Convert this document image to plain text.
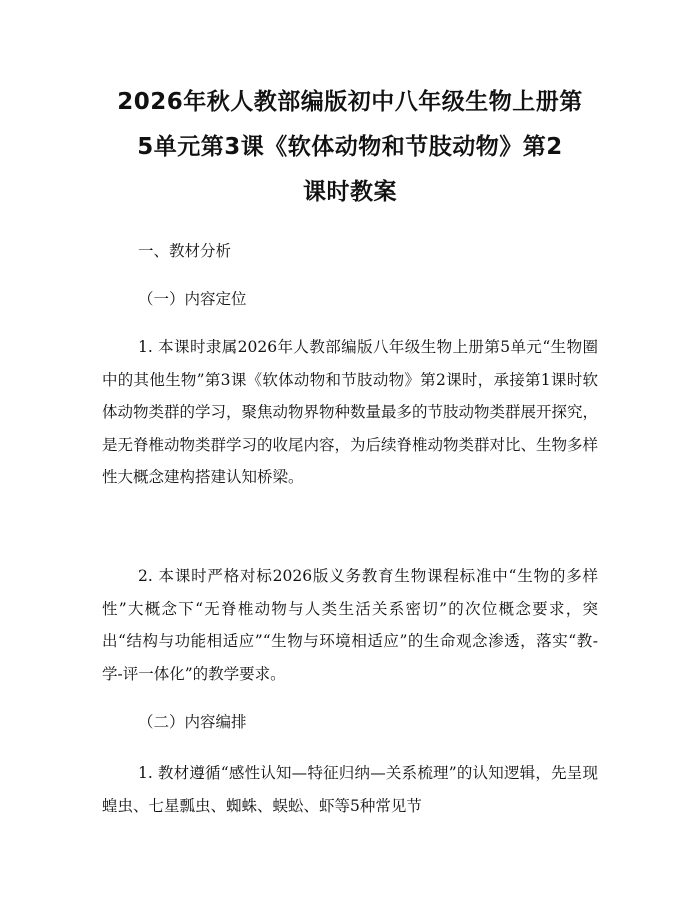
2026年秋人教部编版初中八年级生物上册第
5单元第3课《软体动物和节肢动物》第2
课时教案

一、教材分析

（一）内容定位

1. 本课时隶属2026年人教部编版八年级生物上册第5单元“生物圈中的其他生物”第3课《软体动物和节肢动物》第2课时，承接第1课时软体动物类群的学习，聚焦动物界物种数量最多的节肢动物类群展开探究，是无脊椎动物类群学习的收尾内容，为后续脊椎动物类群对比、生物多样性大概念建构搭建认知桥梁。

2. 本课时严格对标2026版义务教育生物课程标准中“生物的多样性”大概念下“无脊椎动物与人类生活关系密切”的次位概念要求，突出“结构与功能相适应”“生物与环境相适应”的生命观念渗透，落实“教-学-评一体化”的教学要求。

（二）内容编排

1. 教材遵循“感性认知—特征归纳—关系梳理”的认知逻辑，先呈现蝗虫、七星瓢虫、蜘蛛、蜈蚣、虾等5种常见节
